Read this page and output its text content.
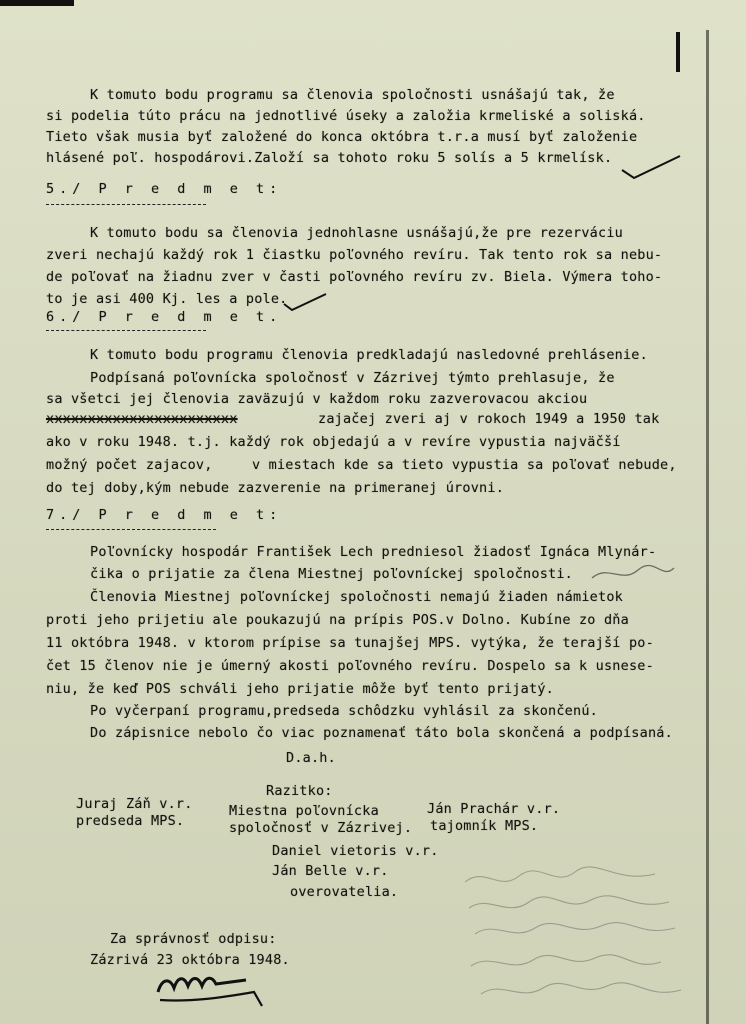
K tomuto bodu programu sa členovia spoločnosti usnášajú tak, že
si podelia túto prácu na jednotlivé úseky a založia krmeliské a soliská.
Tieto však musia byť založené do konca októbra t.r.a musí byť založenie
hlásené poľ. hospodárovi.Založí sa tohoto roku 5 solís a 5 krmelísk.
5./ P r e d m e t:
K tomuto bodu sa členovia jednohlasne usnášajú,že pre rezerváciu
zveri nechajú každý rok 1 čiastku poľovného revíru. Tak tento rok sa nebu-
de poľovať na žiadnu zver v časti poľovného revíru zv. Biela. Výmera toho-
to je asi 400 Kj. les a pole.
6./ P r e d m e t.
K tomuto bodu programu členovia predkladajú nasledovné prehlásenie.
Podpísaná poľovnícka spoločnosť v Zázrivej týmto prehlasuje, že
sa všetci jej členovia zaväzujú v každom roku zazverovacou akciou
xxxxxxxxxxxxxxxxxxxxxxx	zajačej zveri aj v rokoch 1949 a 1950 tak
ako v roku 1948. t.j. každý rok objedajú a v revíre vypustia najväčší
možný počet zajacov,	v miestach kde sa tieto vypustia sa poľovať nebude,
do tej doby,kým nebude zazverenie na primeranej úrovni.
7./ P r e d m e t:
Poľovnícky hospodár František Lech predniesol žiadosť Ignáca Mlynár-
čika o prijatie za člena Miestnej poľovníckej spoločnosti.
Členovia Miestnej poľovníckej spoločnosti nemajú žiaden námietok
proti jeho prijetiu ale poukazujú na prípis POS.v Dolno. Kubíne zo dňa
11 októbra 1948. v ktorom prípise sa tunajšej MPS. vytýka, že terajší po-
čet 15 členov nie je úmerný akosti poľovného revíru. Dospelo sa k usnese-
niu, že keď POS schváli jeho prijatie môže byť tento prijatý.
Po vyčerpaní programu,predseda schôdzku vyhlásil za skončenú.
Do zápisnice nebolo čo viac poznamenať táto bola skončená a podpísaná.
D.a.h.
Razitko:
Juraj Záň v.r.
predseda MPS.
Miestna poľovnícka
spoločnosť v Zázrivej.
Ján Prachár v.r.
tajomník MPS.
Daniel vietoris v.r.
Ján Belle v.r.
overovatelia.
Za správnosť odpisu:
Zázrivá 23 októbra 1948.
